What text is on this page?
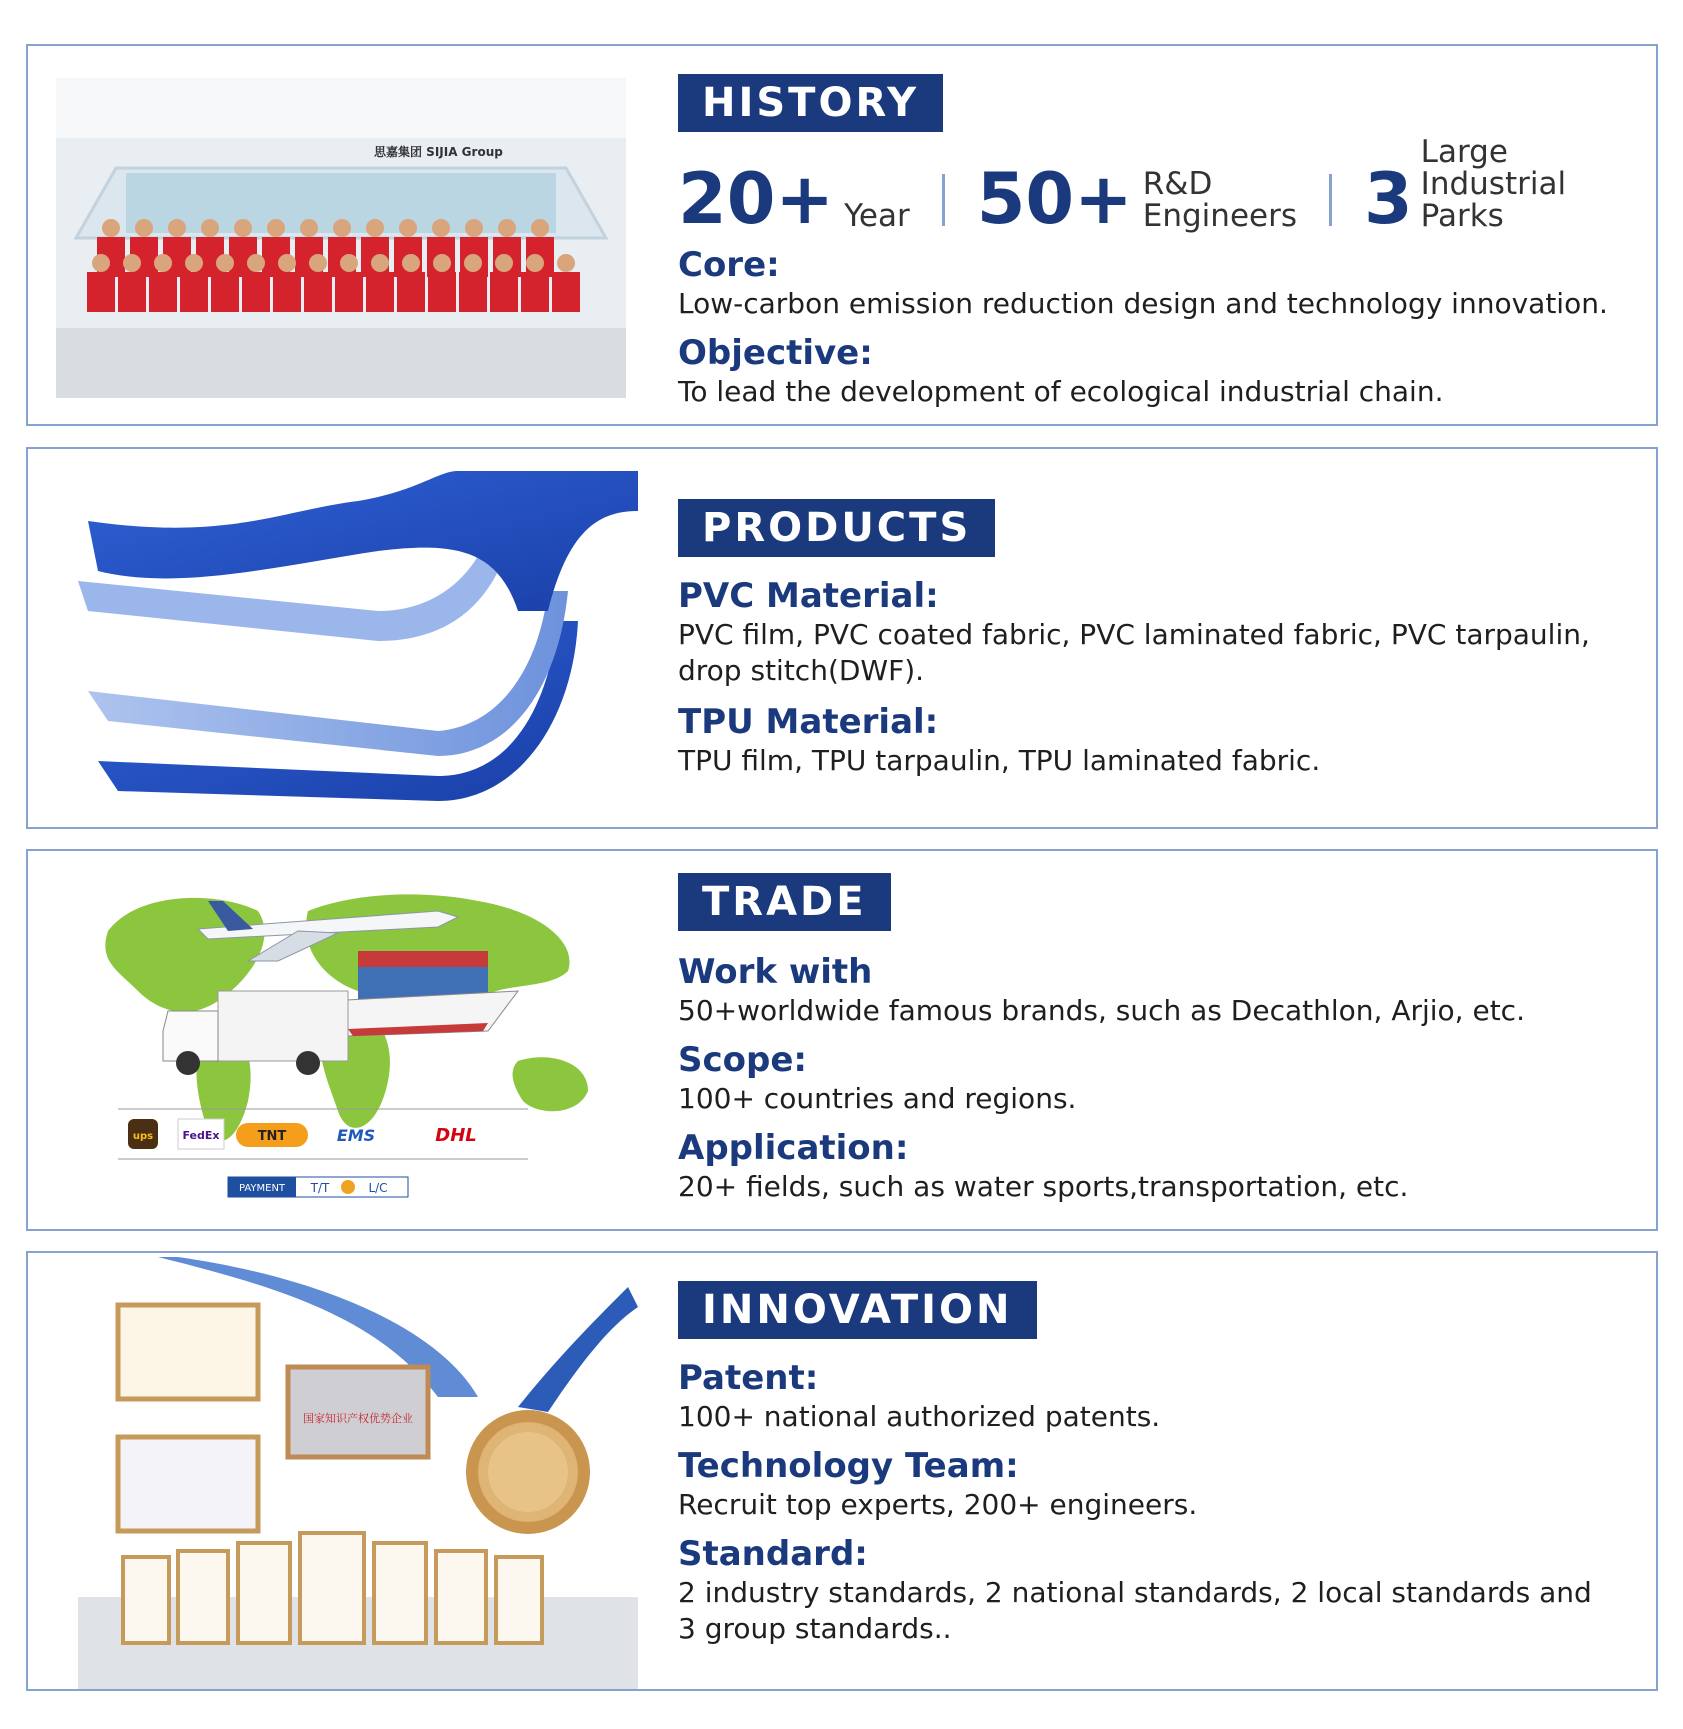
思嘉集团 SIJIA Group
HISTORY
20+ Year 50+ R&D
Engineers 3
Large
Industrial Parks

Core:

Low-carbon emission reduction design and technology innovation.

Objective:

To lead the development of ecological industrial chain.

PRODUCTS

PVC Material:

PVC film, PVC coated fabric, PVC laminated fabric, PVC tarpaulin,

drop stitch(DWF).

TPU Material:

TPU film, TPU tarpaulin, TPU laminated fabric.

ups	FedEx	TNT	EMS	DHL
PAYMENT T/T	L/C
TRADE

Work with

50+worldwide famous brands, such as Decathlon, Arjio, etc.

Scope:

100+ countries and regions.

Application:

20+ fields, such as water sports,transportation, etc.

国家知识产权优势企业
INNOVATION

Patent:

100+ national authorized patents.

Technology Team:

Recruit top experts, 200+ engineers.

Standard:

2 industry standards, 2 national standards, 2 local standards and

3 group standards..
